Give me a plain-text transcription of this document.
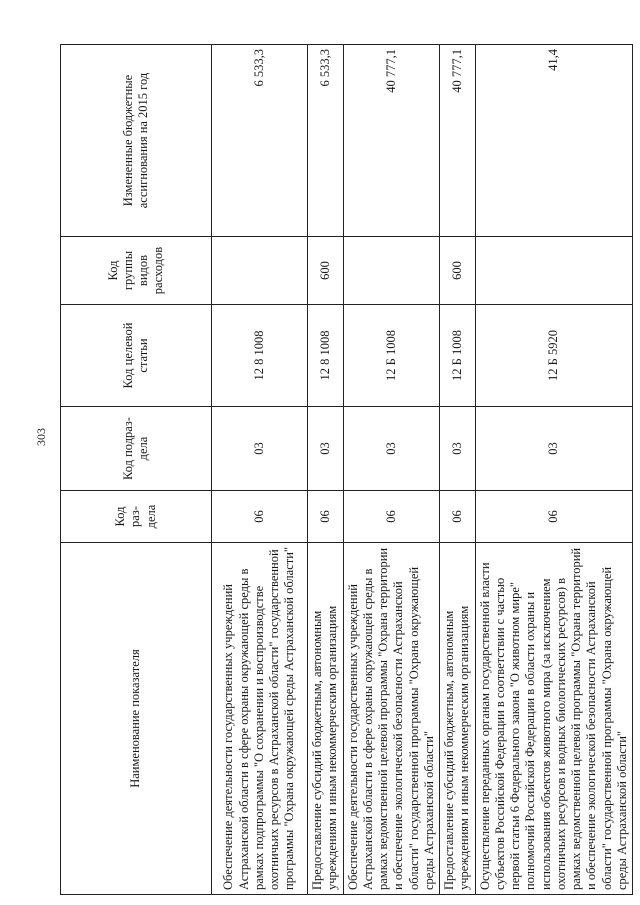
303
Наименование показателя	Код раз-дела	Код подраз-дела	Код целевой статьи	Код группы видов расходов	Измененные бюджетные ассигнования на 2015 год
Обеспечение деятельности государственных учреждений Астраханской области в сфере охраны окружающей среды в рамках подпрограммы "О сохранении и воспроизводстве охотничьих ресурсов в Астраханской области" государственной программы "Охрана окружающей среды Астраханской области"	06	03	12 8 1008		6 533,3
Предоставление субсидий бюджетным, автономным учреждениям и иным некоммерческим организациям	06	03	12 8 1008	600	6 533,3
Обеспечение деятельности государственных учреждений Астраханской области в сфере охраны окружающей среды в рамках ведомственной целевой программы "Охрана территории и обеспечение экологической безопасности Астраханской области" государственной программы "Охрана окружающей среды Астраханской области"	06	03	12 Б 1008		40 777,1
Предоставление субсидий бюджетным, автономным учреждениям и иным некоммерческим организациям	06	03	12 Б 1008	600	40 777,1
Осуществление переданных органам государственной власти субъектов Российской Федерации в соответствии с частью первой статьи 6 Федерального закона "О животном мире" полномочий Российской Федерации в области охраны и использования объектов животного мира (за исключением охотничьих ресурсов и водных биологических ресурсов) в рамках ведомственной целевой программы "Охрана территорий и обеспечение экологической безопасности Астраханской области" государственной программы "Охрана окружающей среды Астраханской области"	06	03	12 Б 5920		41,4
